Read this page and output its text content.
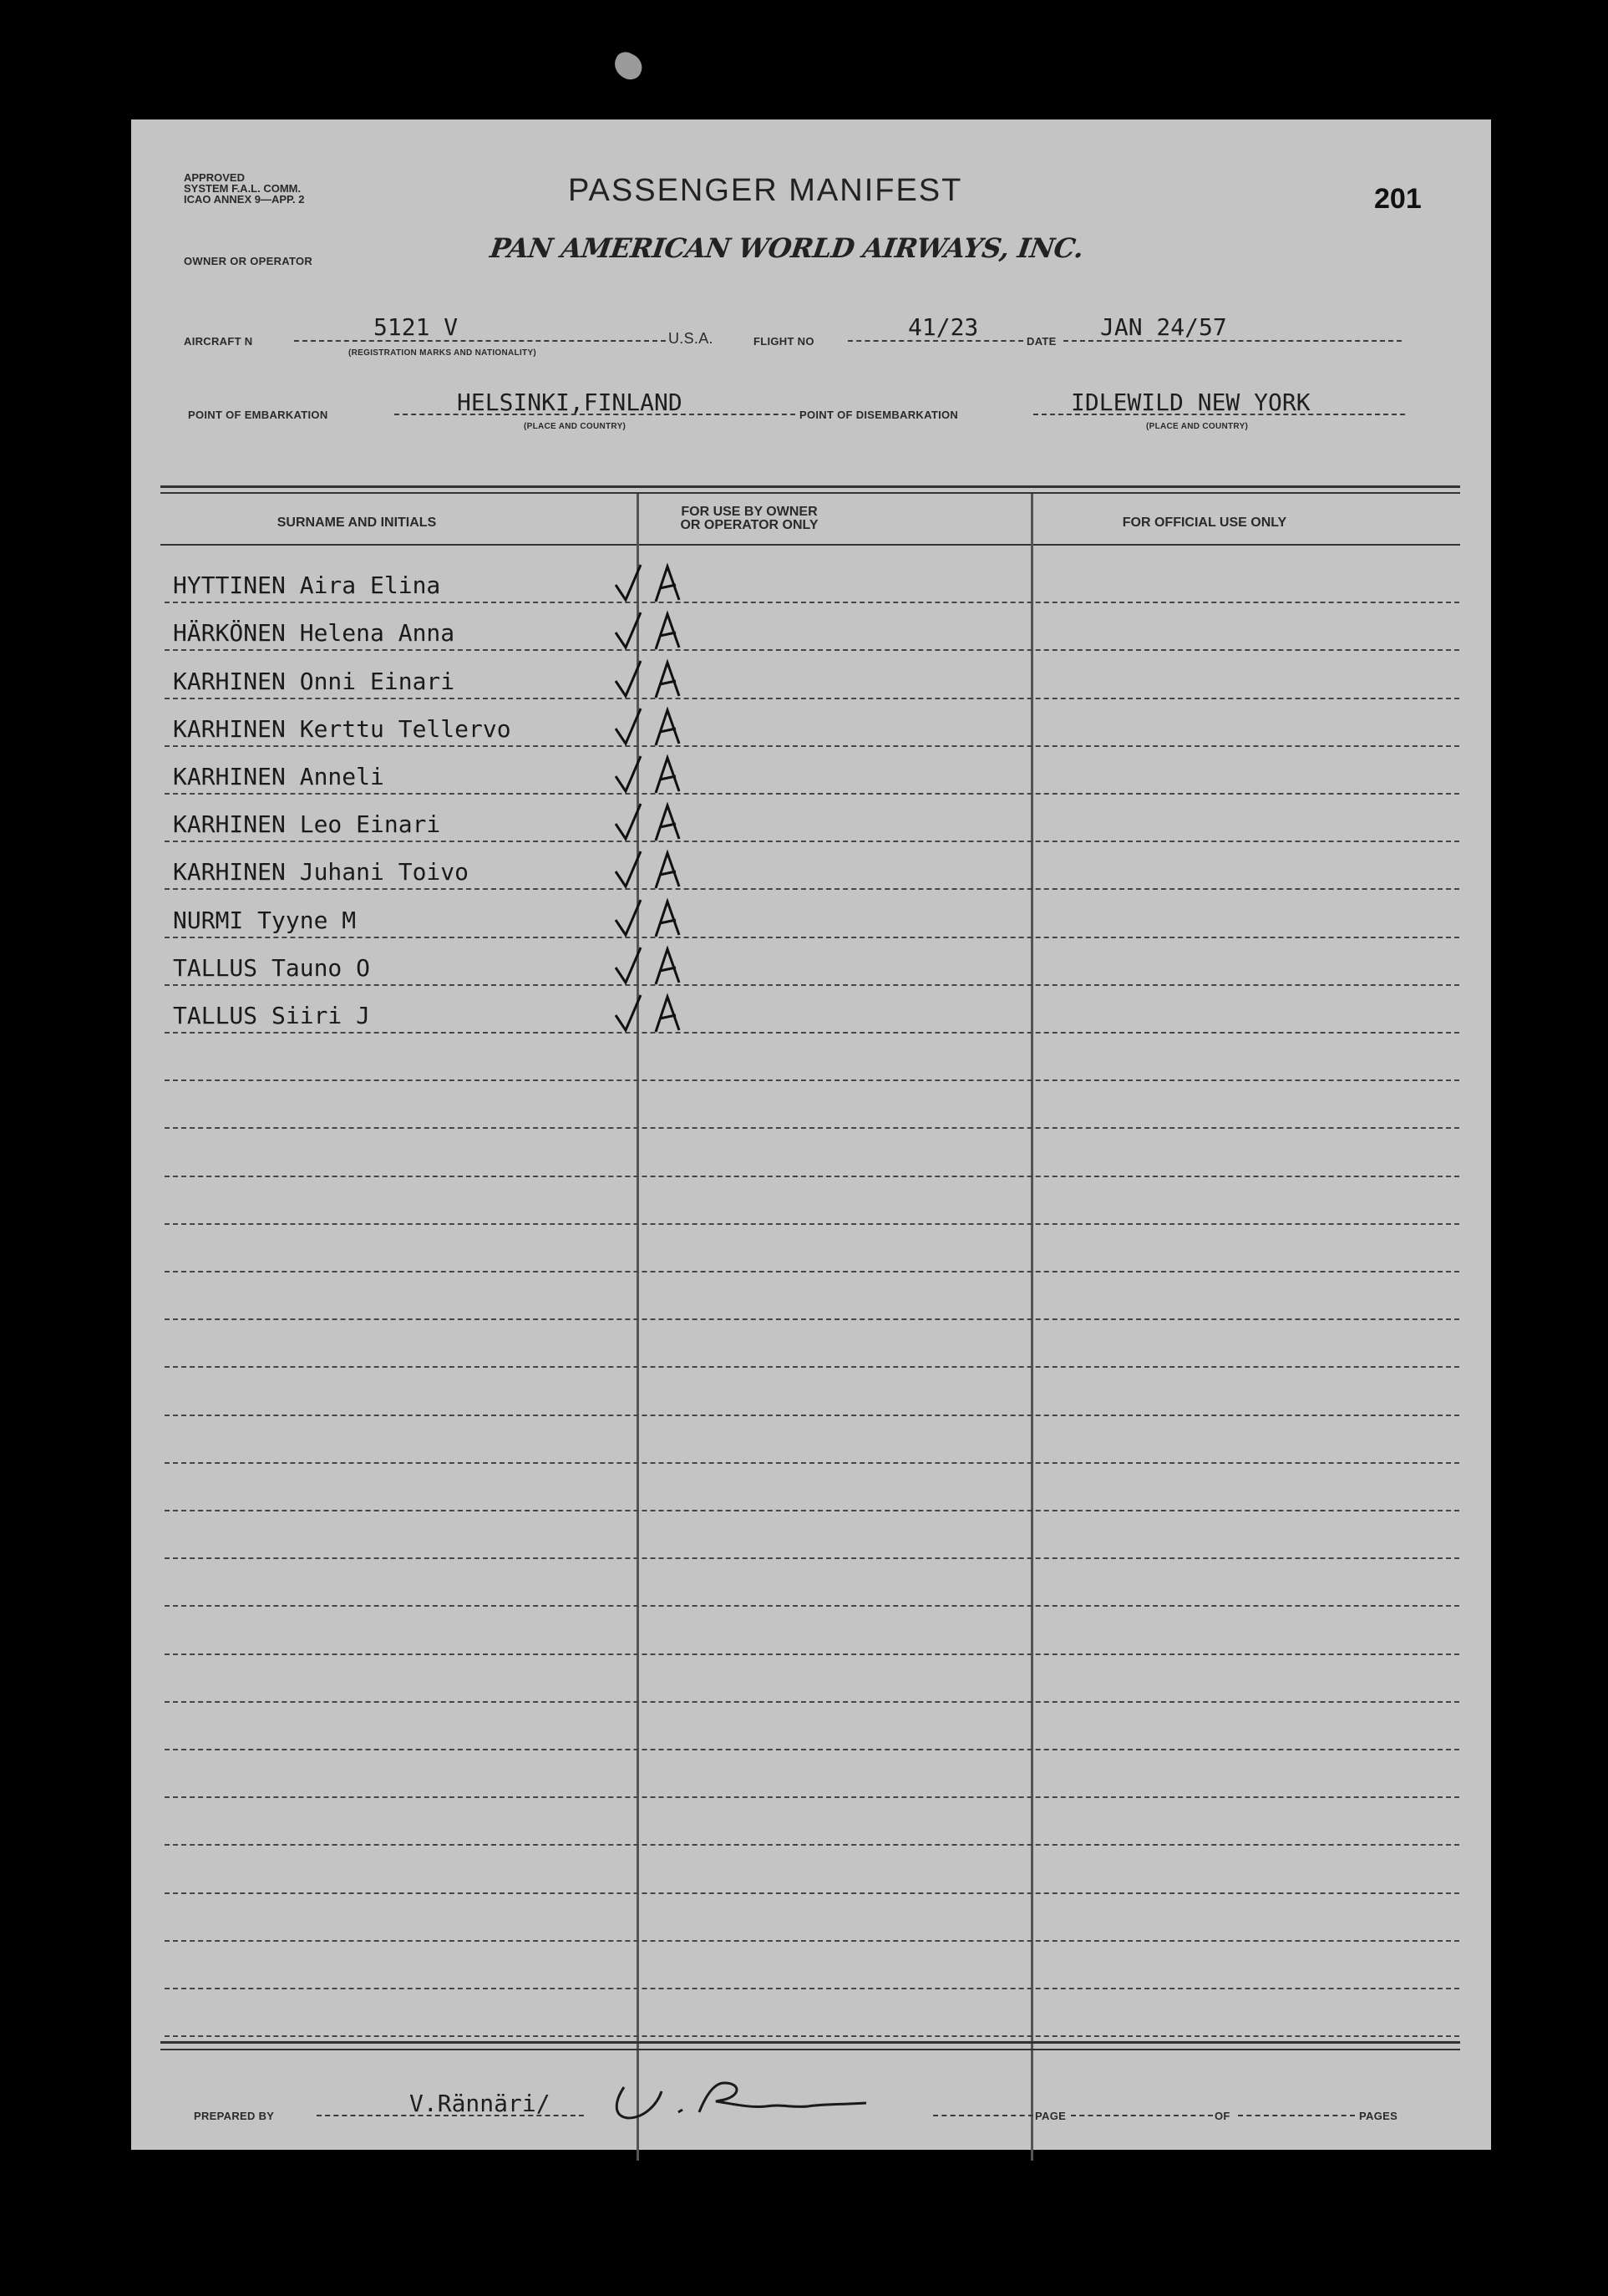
APPROVED
SYSTEM F.A.L. COMM.
ICAO ANNEX 9—APP. 2	PASSENGER MANIFEST	201
OWNER OR OPERATOR	PAN AMERICAN WORLD AIRWAYS, INC.
AIRCRAFT N
5121 V
(REGISTRATION MARKS AND NATIONALITY)
U.S.A.	FLIGHT NO
41/23
DATE
JAN 24/57
POINT OF EMBARKATION	HELSINKI,FINLAND
(PLACE AND COUNTRY)
POINT OF DISEMBARKATION	IDLEWILD NEW YORK
(PLACE AND COUNTRY)
SURNAME AND INITIALS
FOR USE BY OWNER
OR OPERATOR ONLY	FOR OFFICIAL USE ONLY
HYTTINEN Aira Elina
HÄRKÖNEN Helena Anna
KARHINEN Onni Einari
KARHINEN Kerttu Tellervo
KARHINEN Anneli
KARHINEN Leo Einari
KARHINEN Juhani Toivo
NURMI Tyyne M
TALLUS Tauno O
TALLUS Siiri J
PREPARED BY	V.Rännäri/	PAGE	OF	PAGES
